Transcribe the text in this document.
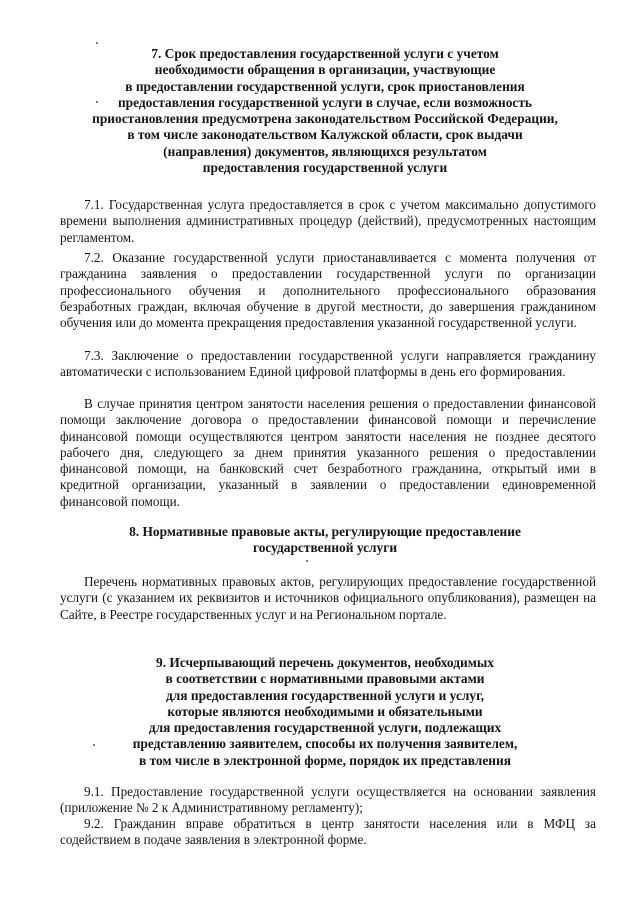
7. Срок предоставления государственной услуги с учетом
необходимости обращения в организации, участвующие
в предоставлении государственной услуги, срок приостановления
предоставления государственной услуги в случае, если возможность
приостановления предусмотрена законодательством Российской Федерации,
в том числе законодательством Калужской области, срок выдачи
(направления) документов, являющихся результатом
предоставления государственной услуги
7.1. Государственная услуга предоставляется в срок с учетом максимально допустимого времени выполнения административных процедур (действий), предусмотренных настоящим регламентом.
7.2. Оказание государственной услуги приостанавливается с момента получения от гражданина заявления о предоставлении государственной услуги по организации профессионального обучения и дополнительного профессионального образования безработных граждан, включая обучение в другой местности, до завершения гражданином обучения или до момента прекращения предоставления указанной государственной услуги.
7.3. Заключение о предоставлении государственной услуги направляется гражданину автоматически с использованием Единой цифровой платформы в день его формирования.
В случае принятия центром занятости населения решения о предоставлении финансовой помощи заключение договора о предоставлении финансовой помощи и перечисление финансовой помощи осуществляются центром занятости населения не позднее десятого рабочего дня, следующего за днем принятия указанного решения о предоставлении финансовой помощи, на банковский счет безработного гражданина, открытый ими в кредитной организации, указанный в заявлении о предоставлении единовременной финансовой помощи.
8. Нормативные правовые акты, регулирующие предоставление
государственной услуги
Перечень нормативных правовых актов, регулирующих предоставление государственной услуги (с указанием их реквизитов и источников официального опубликования), размещен на Сайте, в Реестре государственных услуг и на Региональном портале.
9. Исчерпывающий перечень документов, необходимых
в соответствии с нормативными правовыми актами
для предоставления государственной услуги и услуг,
которые являются необходимыми и обязательными
для предоставления государственной услуги, подлежащих
представлению заявителем, способы их получения заявителем,
в том числе в электронной форме, порядок их представления
9.1. Предоставление государственной услуги осуществляется на основании заявления (приложение № 2 к Административному регламенту);
9.2. Гражданин вправе обратиться в центр занятости населения или в МФЦ за содействием в подаче заявления в электронной форме.
